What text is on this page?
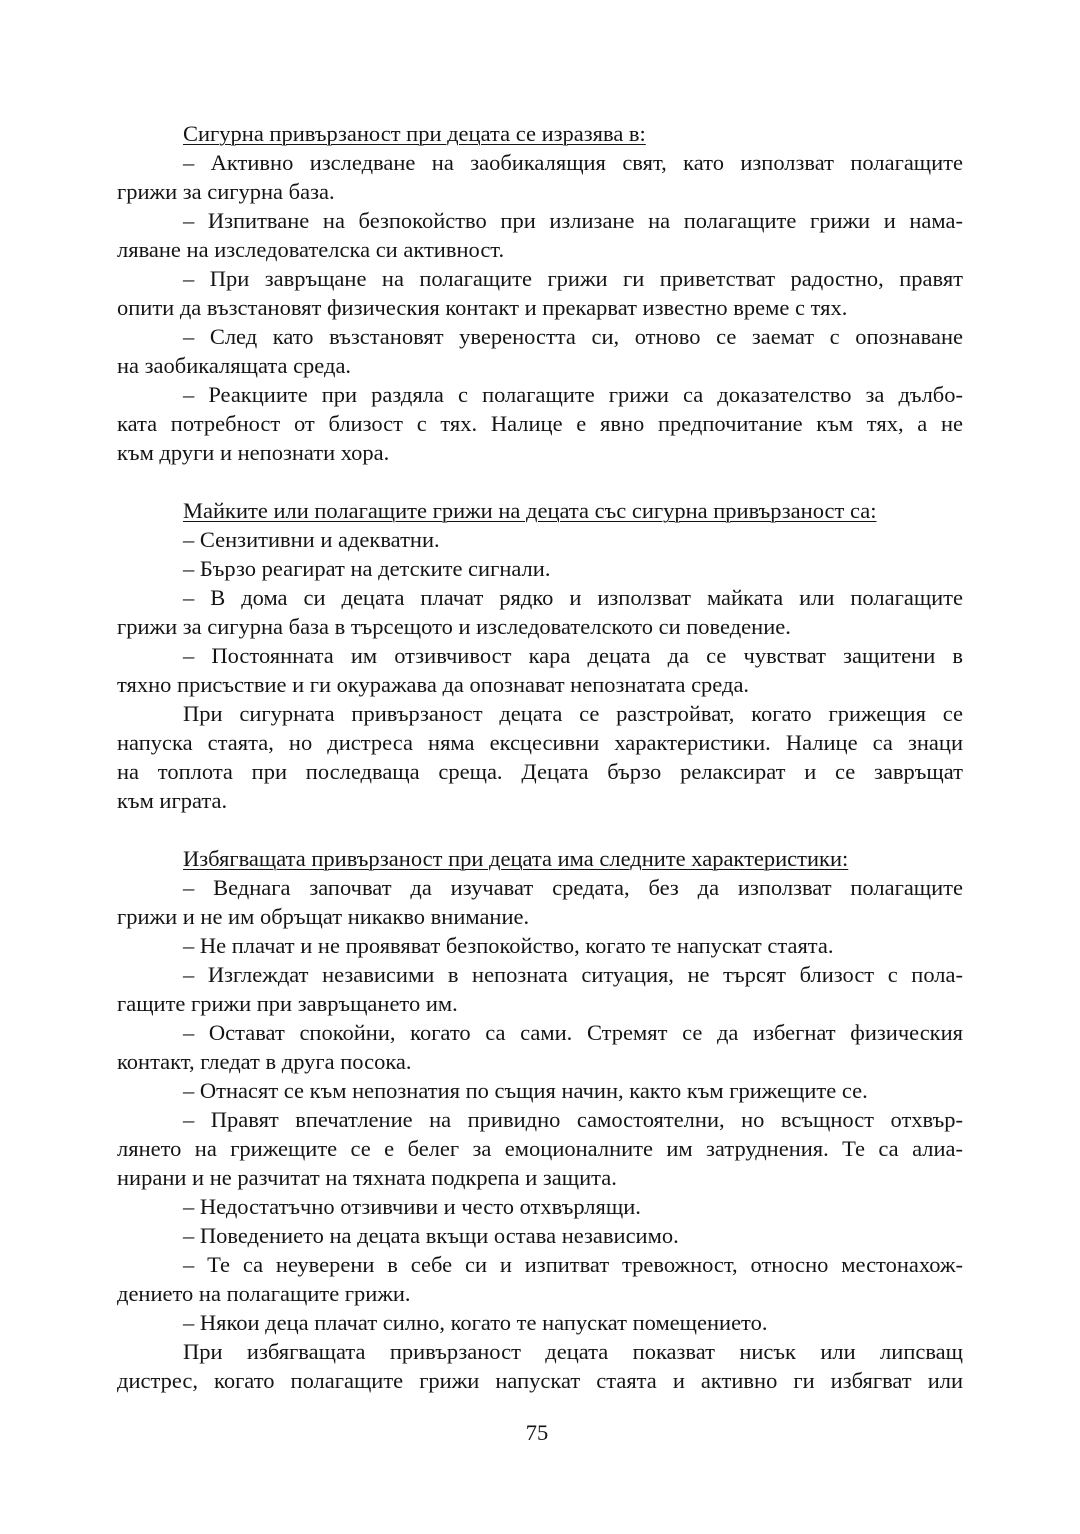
Сигурна привързаност при децата се изразява в:
– Активно изследване на заобикалящия свят, като използват полагащите
грижи за сигурна база.
– Изпитване на безпокойство при излизане на полагащите грижи и нама-
ляване на изследователска си активност.
– При завръщане на полагащите грижи ги приветстват радостно, правят
опити да възстановят физическия контакт и прекарват известно време с тях.
– След като възстановят увереността си, отново се заемат с опознаване
на заобикалящата среда.
– Реакциите при раздяла с полагащите грижи са доказателство за дълбо-
ката потребност от близост с тях. Налице е явно предпочитание към тях, а не
към други и непознати хора.
Майките или полагащите грижи на децата със сигурна привързаност са:
– Сензитивни и адекватни.
– Бързо реагират на детските сигнали.
– В дома си децата плачат рядко и използват майката или полагащите
грижи за сигурна база в търсещото и изследователското си поведение.
– Постоянната им отзивчивост кара децата да се чувстват защитени в
тяхно присъствие и ги окуражава да опознават непознатата среда.
При сигурната привързаност децата се разстройват, когато грижещия се
напуска стаята, но дистреса няма ексцесивни характеристики. Налице са знаци
на топлота при последваща среща. Децата бързо релаксират и се завръщат
към играта.
Избягващата привързаност при децата има следните характеристики:
– Веднага започват да изучават средата, без да използват полагащите
грижи и не им обръщат никакво внимание.
– Не плачат и не проявяват безпокойство, когато те напускат стаята.
– Изглеждат независими в непозната ситуация, не търсят близост с пола-
гащите грижи при завръщането им.
– Остават спокойни, когато са сами. Стремят се да избегнат физическия
контакт, гледат в друга посока.
– Отнасят се към непознатия по същия начин, както към грижещите се.
– Правят впечатление на привидно самостоятелни, но всъщност отхвър-
лянето на грижещите се е белег за емоционалните им затруднения. Те са алиа-
нирани и не разчитат на тяхната подкрепа и защита.
– Недостатъчно отзивчиви и често отхвърлящи.
– Поведението на децата вкъщи остава независимо.
– Те са неуверени в себе си и изпитват тревожност, относно местонахож-
дението на полагащите грижи.
– Някои деца плачат силно, когато те напускат помещението.
При избягващата привързаност децата показват нисък или липсващ
дистрес, когато полагащите грижи напускат стаята и активно ги избягват или
75
